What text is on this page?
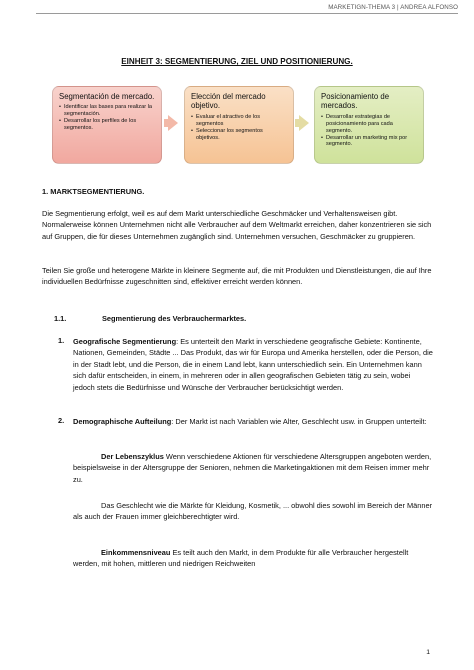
MARKETIGN-THEMA 3 | ANDREA ALFONSO
EINHEIT 3: SEGMENTIERUNG, ZIEL UND POSITIONIERUNG.
Segmentación de mercado.
• Identificar las bases para realizar la segmentación.
• Desarrollar los perfiles de los segmentos.
Elección del mercado objetivo.
• Evaluar el atractivo de los segmentos
• Seleccionar los segmentos objetivos.
Posicionamiento de mercados.
• Desarrollar estrategias de posicionamiento para cada segmento.
• Desarrollar un marketing mix por segmento.
1. MARKTSEGMENTIERUNG.
Die Segmentierung erfolgt, weil es auf dem Markt unterschiedliche Geschmäcker und Verhaltensweisen gibt. Normalerweise können Unternehmen nicht alle Verbraucher auf dem Weltmarkt erreichen, daher konzentrieren sie sich auf Gruppen, die für dieses Unternehmen zugänglich sind. Unternehmen versuchen, Geschmäcker zu gruppieren.
Teilen Sie große und heterogene Märkte in kleinere Segmente auf, die mit Produkten und Dienstleistungen, die auf Ihre individuellen Bedürfnisse zugeschnitten sind, effektiver erreicht werden können.
1.1.	Segmentierung des Verbrauchermarktes.
1. Geografische Segmentierung: Es unterteilt den Markt in verschiedene geografische Gebiete: Kontinente, Nationen, Gemeinden, Städte ... Das Produkt, das wir für Europa und Amerika herstellen, oder die Person, die in der Stadt lebt, und die Person, die in einem Land lebt, kann unterschiedlich sein. Ein Unternehmen kann sich dafür entscheiden, in einem, in mehreren oder in allen geografischen Gebieten tätig zu sein, wobei jedoch stets die Bedürfnisse und Wünsche der Verbraucher berücksichtigt werden.
2. Demographische Aufteilung: Der Markt ist nach Variablen wie Alter, Geschlecht usw. in Gruppen unterteilt:
Der Lebenszyklus Wenn verschiedene Aktionen für verschiedene Altersgruppen angeboten werden, beispielsweise in der Altersgruppe der Senioren, nehmen die Marketingaktionen mit dem Reisen immer mehr zu.
Das Geschlecht wie die Märkte für Kleidung, Kosmetik, ... obwohl dies sowohl im Bereich der Männer als auch der Frauen immer gleichberechtigter wird.
Einkommensniveau Es teilt auch den Markt, in dem Produkte für alle Verbraucher hergestellt werden, mit hohen, mittleren und niedrigen Reichweiten
1
